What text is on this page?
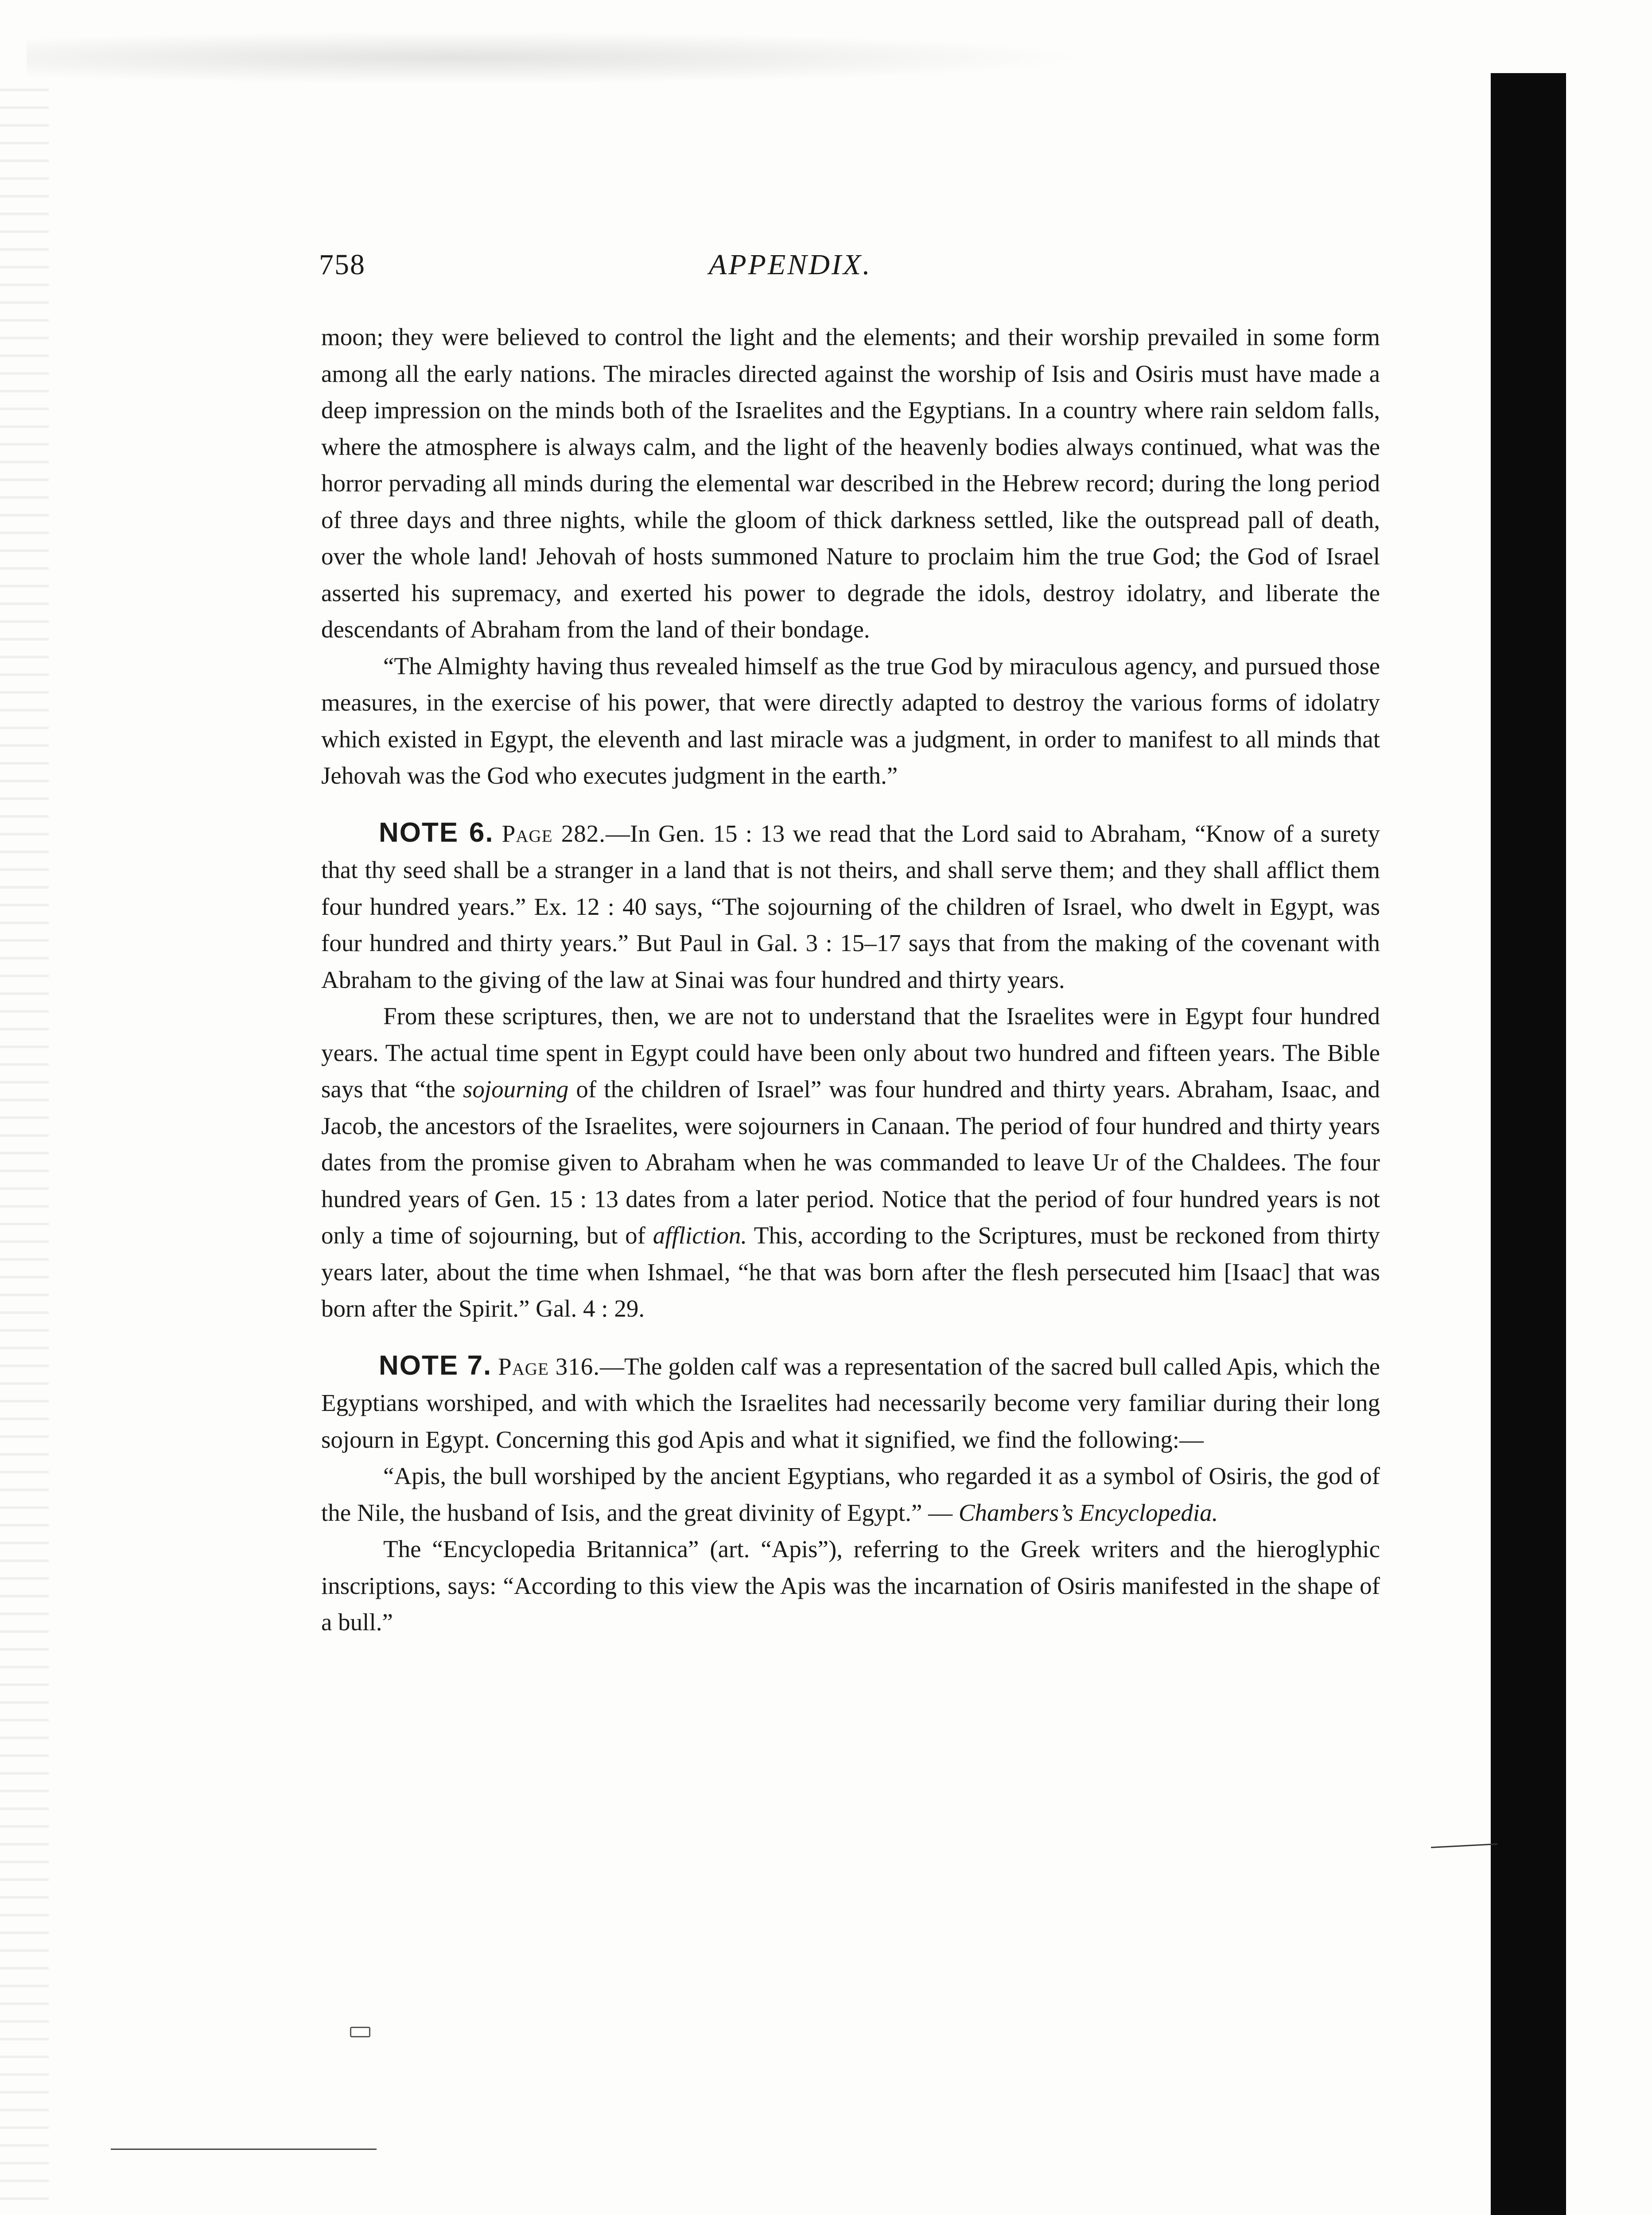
758	APPENDIX.

moon; they were believed to control the light and the elements; and their worship prevailed in some form among all the early nations. The miracles directed against the worship of Isis and Osiris must have made a deep impression on the minds both of the Israelites and the Egyptians. In a country where rain seldom falls, where the atmosphere is always calm, and the light of the heavenly bodies always continued, what was the horror pervading all minds during the elemental war described in the Hebrew record; during the long period of three days and three nights, while the gloom of thick darkness settled, like the outspread pall of death, over the whole land! Jehovah of hosts summoned Nature to proclaim him the true God; the God of Israel asserted his supremacy, and exerted his power to degrade the idols, destroy idolatry, and liberate the descendants of Abraham from the land of their bondage.

“The Almighty having thus revealed himself as the true God by miraculous agency, and pursued those measures, in the exercise of his power, that were directly adapted to destroy the various forms of idolatry which existed in Egypt, the eleventh and last miracle was a judgment, in order to manifest to all minds that Jehovah was the God who executes judgment in the earth.”

NOTE 6. Page 282.—In Gen. 15 : 13 we read that the Lord said to Abraham, “Know of a surety that thy seed shall be a stranger in a land that is not theirs, and shall serve them; and they shall afflict them four hundred years.” Ex. 12 : 40 says, “The sojourning of the children of Israel, who dwelt in Egypt, was four hundred and thirty years.” But Paul in Gal. 3 : 15–17 says that from the making of the covenant with Abraham to the giving of the law at Sinai was four hundred and thirty years.

From these scriptures, then, we are not to understand that the Israelites were in Egypt four hundred years. The actual time spent in Egypt could have been only about two hundred and fifteen years. The Bible says that “the sojourning of the children of Israel” was four hundred and thirty years. Abraham, Isaac, and Jacob, the ancestors of the Israelites, were sojourners in Canaan. The period of four hundred and thirty years dates from the promise given to Abraham when he was commanded to leave Ur of the Chaldees. The four hundred years of Gen. 15 : 13 dates from a later period. Notice that the period of four hundred years is not only a time of sojourning, but of affliction. This, according to the Scriptures, must be reckoned from thirty years later, about the time when Ishmael, “he that was born after the flesh persecuted him [Isaac] that was born after the Spirit.” Gal. 4 : 29.

NOTE 7. Page 316.—The golden calf was a representation of the sacred bull called Apis, which the Egyptians worshiped, and with which the Israelites had necessarily become very familiar during their long sojourn in Egypt. Concerning this god Apis and what it signified, we find the following:—

“Apis, the bull worshiped by the ancient Egyptians, who regarded it as a symbol of Osiris, the god of the Nile, the husband of Isis, and the great divinity of Egypt.” — Chambers’s Encyclopedia.

The “Encyclopedia Britannica” (art. “Apis”), referring to the Greek writers and the hieroglyphic inscriptions, says: “According to this view the Apis was the incarnation of Osiris manifested in the shape of a bull.”
